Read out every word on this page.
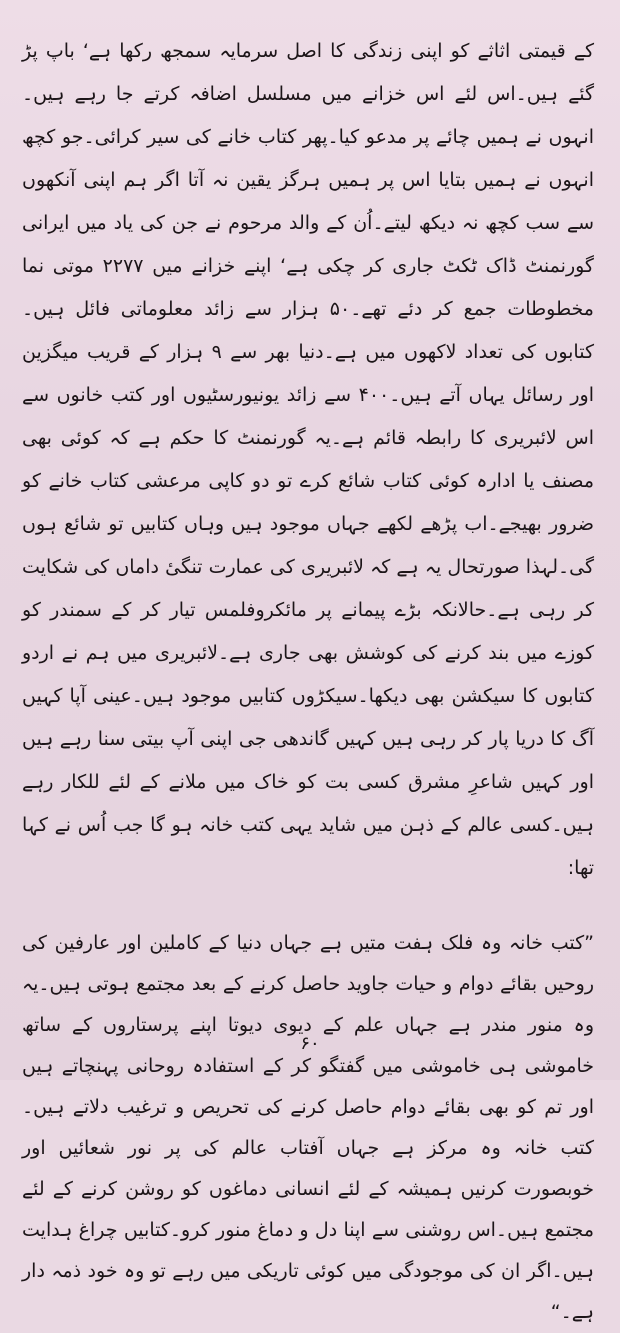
کے قیمتی اثاثے کو اپنی زندگی کا اصل سرمایہ سمجھ رکھا ہے‘ باپ پڑ گئے ہیں۔اس لئے اس خزانے میں مسلسل اضافہ کرتے جا رہے ہیں۔انہوں نے ہمیں چائے پر مدعو کیا۔پھر کتاب خانے کی سیر کرائی۔جو کچھ انہوں نے ہمیں بتایا اس پر ہمیں ہرگز یقین نہ آتا اگر ہم اپنی آنکھوں سے سب کچھ نہ دیکھ لیتے۔اُن کے والد مرحوم نے جن کی یاد میں ایرانی گورنمنٹ ڈاک ٹکٹ جاری کر چکی ہے‘ اپنے خزانے میں ۲۲۷۷ موتی نما مخطوطات جمع کر دئے تھے۔۵۰ ہزار سے زائد معلوماتی فائل ہیں۔کتابوں کی تعداد لاکھوں میں ہے۔دنیا بھر سے ۹ ہزار کے قریب میگزین اور رسائل یہاں آتے ہیں۔۴۰۰ سے زائد یونیورسٹیوں اور کتب خانوں سے اس لائبریری کا رابطہ قائم ہے۔یہ گورنمنٹ کا حکم ہے کہ کوئی بھی مصنف یا ادارہ کوئی کتاب شائع کرے تو دو کاپی مرعشی کتاب خانے کو ضرور بھیجے۔اب پڑھے لکھے جہاں موجود ہیں وہاں کتابیں تو شائع ہوں گی۔لہذا صورتحال یہ ہے کہ لائبریری کی عمارت تنگیٔ داماں کی شکایت کر رہی ہے۔حالانکہ بڑے پیمانے پر مائکروفلمس تیار کر کے سمندر کو کوزے میں بند کرنے کی کوشش بھی جاری ہے۔لائبریری میں ہم نے اردو کتابوں کا سیکشن بھی دیکھا۔سیکڑوں کتابیں موجود ہیں۔عینی آپا کہیں آگ کا دریا پار کر رہی ہیں کہیں گاندھی جی اپنی آپ بیتی سنا رہے ہیں اور کہیں شاعرِ مشرق کسی بت کو خاک میں ملانے کے لئے للکار رہے ہیں۔کسی عالم کے ذہن میں شاید یہی کتب خانہ ہو گا جب اُس نے کہا تھا:

”کتب خانہ وہ فلک ہفت متیں ہے جہاں دنیا کے کاملین اور عارفین کی روحیں بقائے دوام و حیات جاوید حاصل کرنے کے بعد مجتمع ہوتی ہیں۔یہ وہ منور مندر ہے جہاں علم کے دیوی دیوتا اپنے پرستاروں کے ساتھ خاموشی ہی خاموشی میں گفتگو کر کے استفادہ روحانی پہنچاتے ہیں اور تم کو بھی بقائے دوام حاصل کرنے کی تحریص و ترغیب دلاتے ہیں۔کتب خانہ وہ مرکز ہے جہاں آفتاب عالم کی پر نور شعائیں اور خوبصورت کرنیں ہمیشہ کے لئے انسانی دماغوں کو روشن کرنے کے لئے مجتمع ہیں۔اس روشنی سے اپنا دل و دماغ منور کرو۔کتابیں چراغ ہدایت ہیں۔اگر ان کی موجودگی میں کوئی تاریکی میں رہے تو وہ خود ذمہ دار ہے۔“

۶۰
